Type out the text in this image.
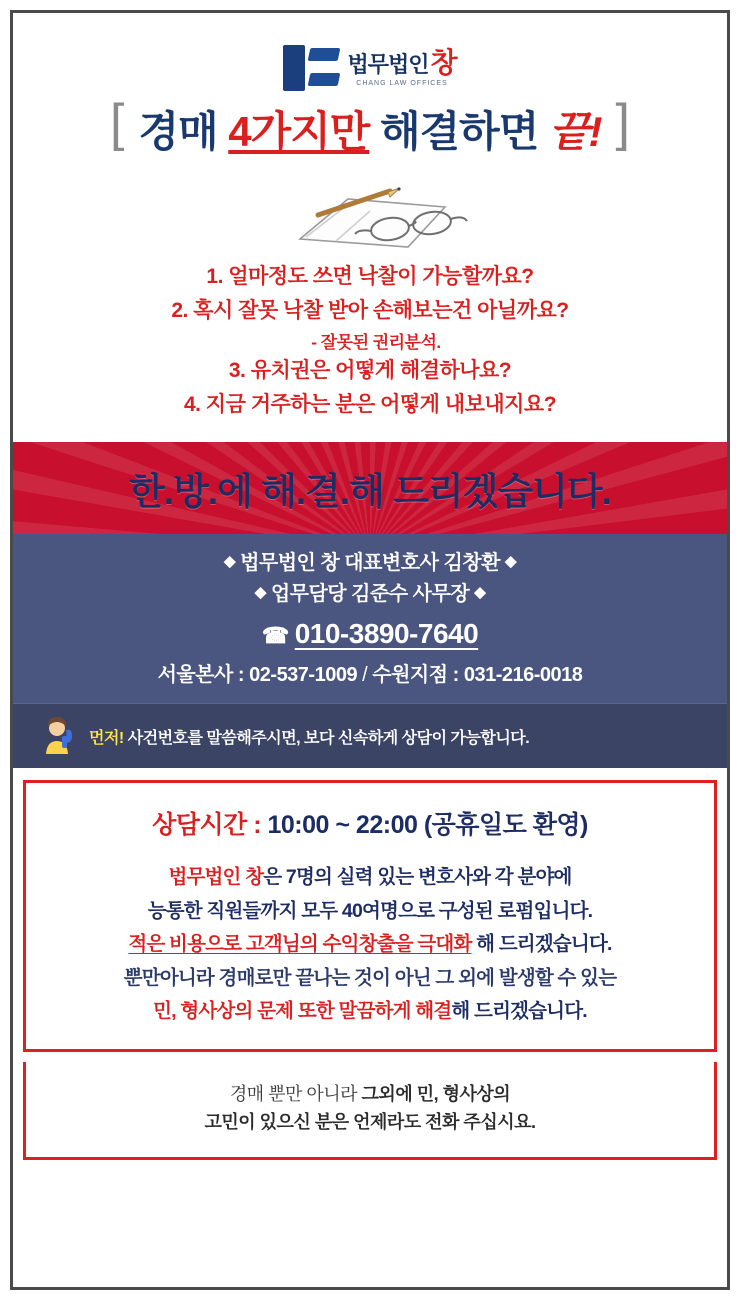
법무법인 창
CHANG LAW OFFICES
[ 경매 4가지만 해결하면 끝! ]
1. 얼마정도 쓰면 낙찰이 가능할까요?
2. 혹시 잘못 낙찰 받아 손해보는건 아닐까요?
- 잘못된 권리분석.
3. 유치권은 어떻게 해결하나요?
4. 지금 거주하는 분은 어떻게 내보내지요?
한.방.에 해.결.해 드리겠습니다.
◆ 법무법인 창 대표변호사 김창환 ◆
◆ 업무담당 김준수 사무장 ◆
☎ 010-3890-7640
서울본사 : 02-537-1009 / 수원지점 : 031-216-0018
먼저! 사건번호를 말씀해주시면, 보다 신속하게 상담이 가능합니다.
상담시간 : 10:00 ~ 22:00 (공휴일도 환영)
법무법인 창은 7명의 실력 있는 변호사와 각 분야에
능통한 직원들까지 모두 40여명으로 구성된 로펌입니다.
적은 비용으로 고객님의 수익창출을 극대화 해 드리겠습니다.
뿐만아니라 경매로만 끝나는 것이 아닌 그 외에 발생할 수 있는
민, 형사상의 문제 또한 말끔하게 해결해 드리겠습니다.
경매 뿐만 아니라 그외에 민, 형사상의
고민이 있으신 분은 언제라도 전화 주십시요.
